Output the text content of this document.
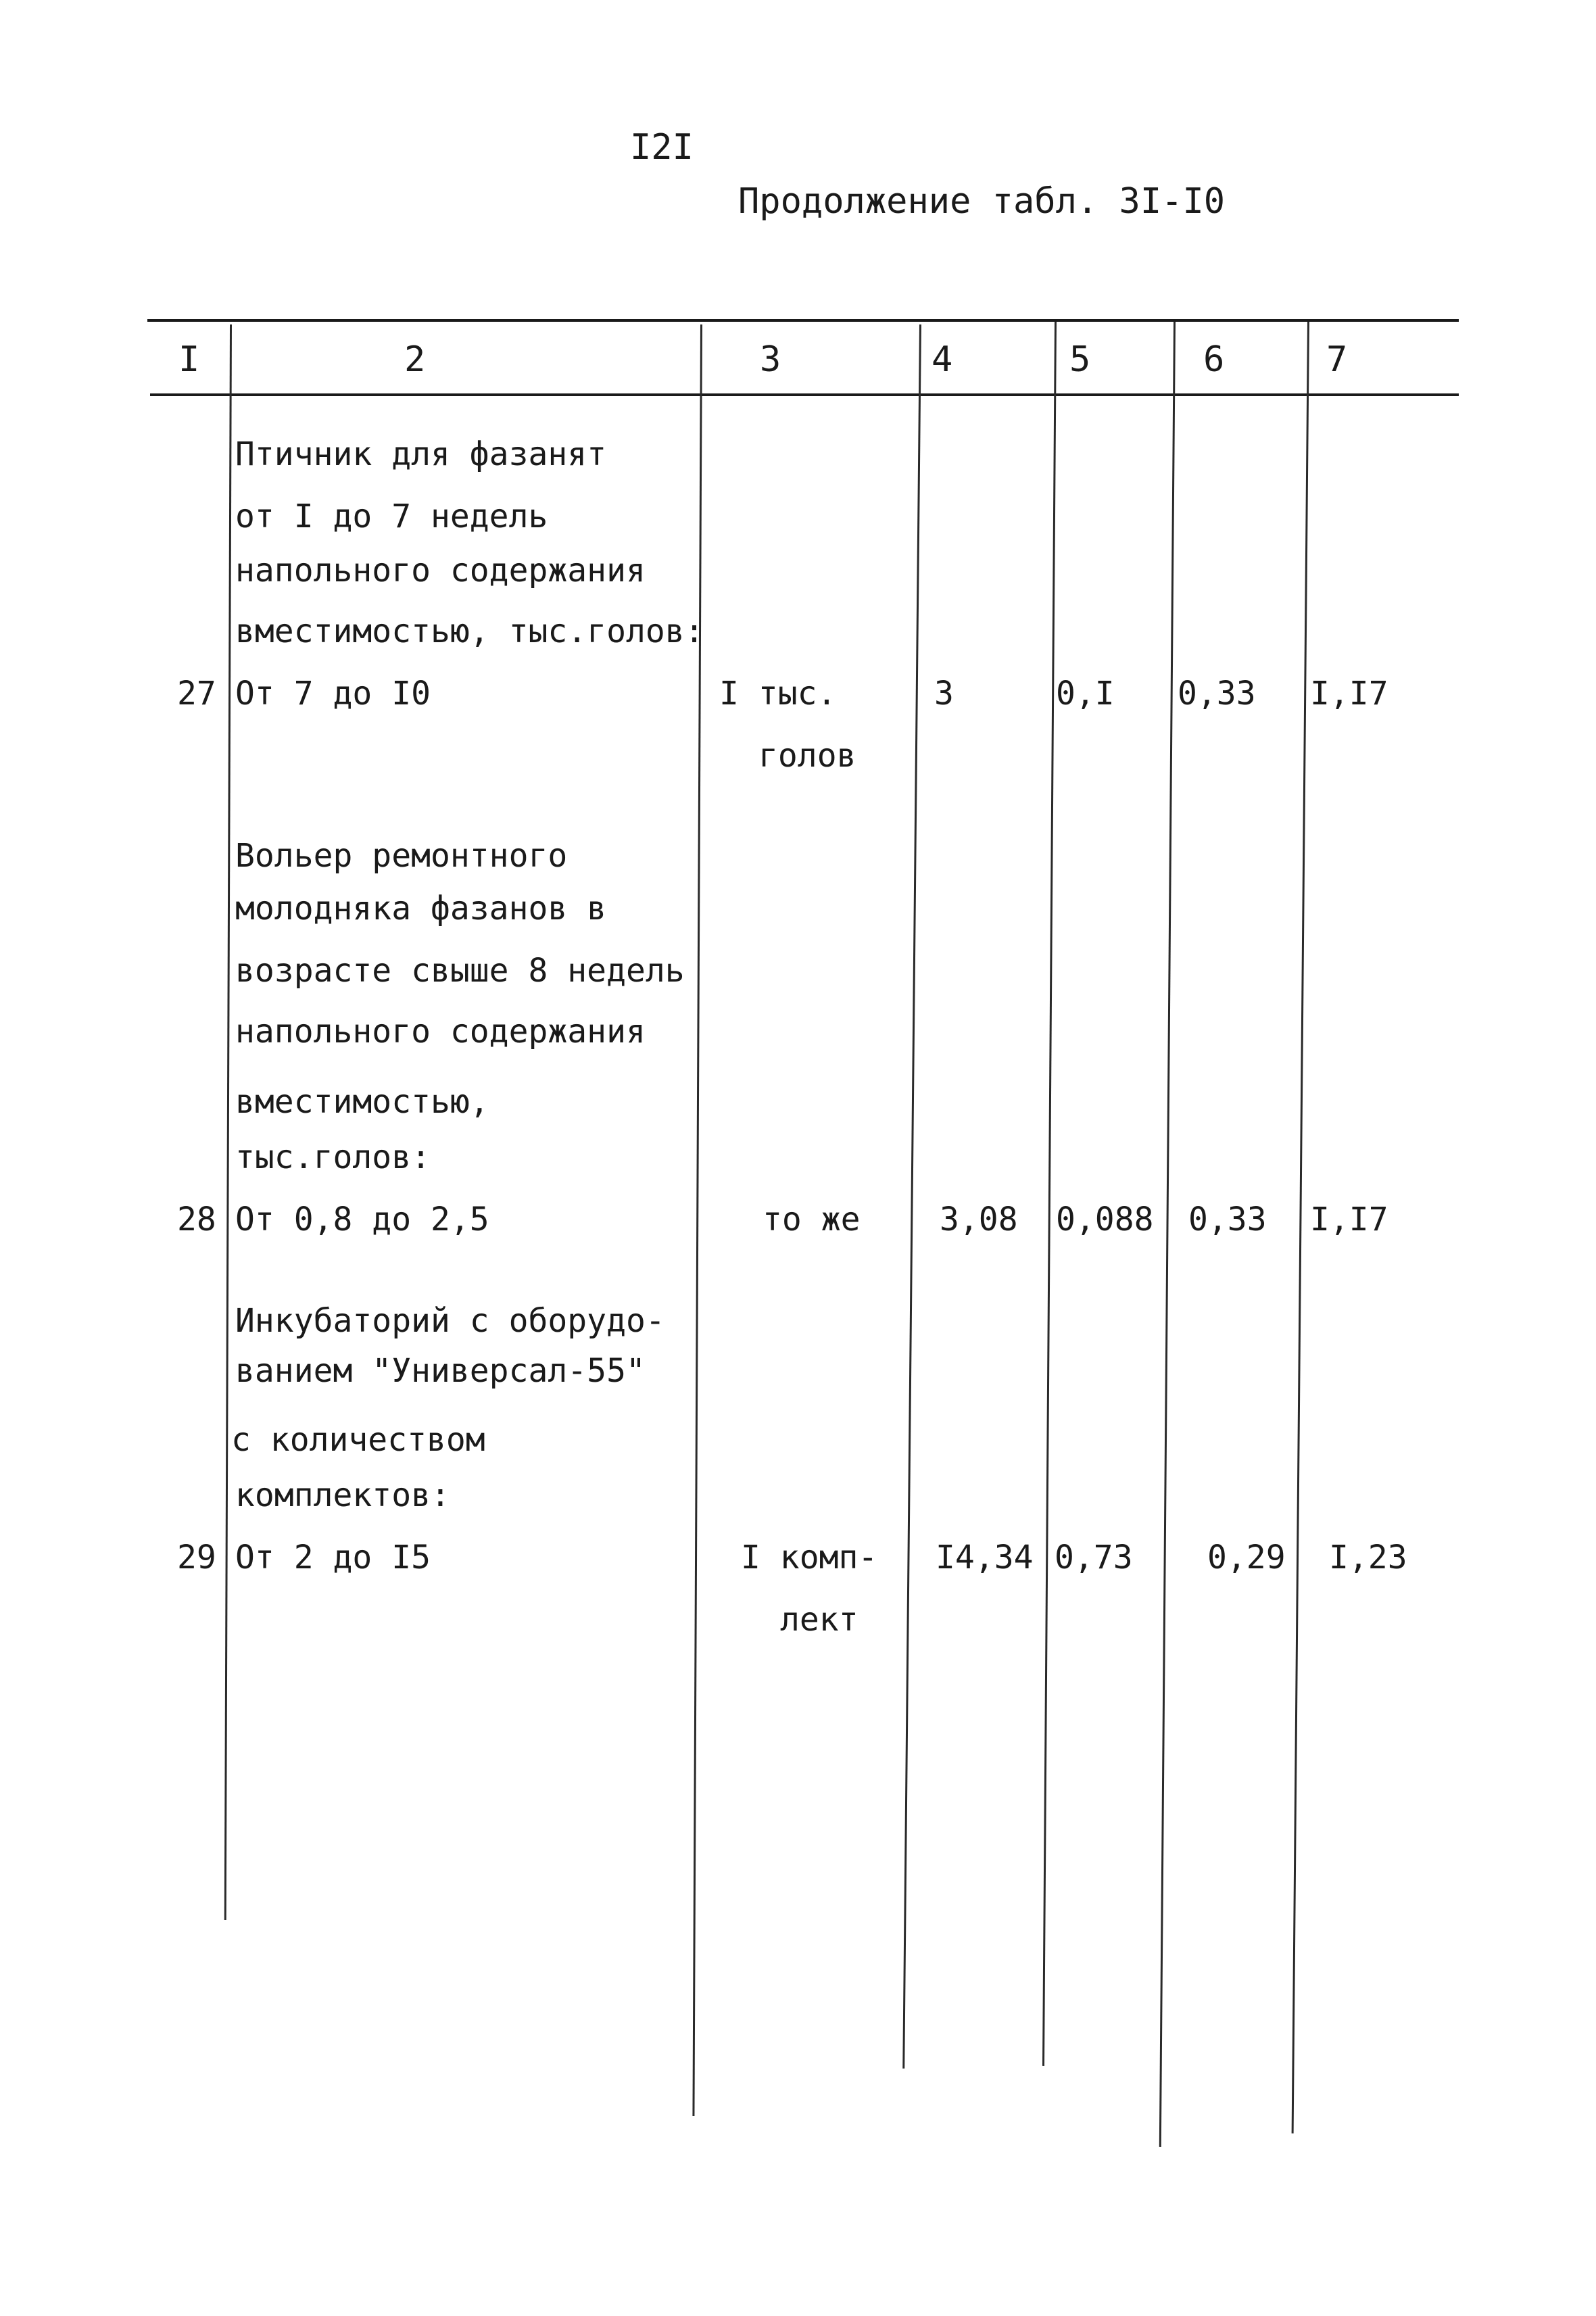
I2I
Продолжение табл. 3I-I0
I	2	3	4	5	6	7
Птичник для фазанят
от I до 7 недель
напольного содержания
вместимостью, тыс.голов:
27 От 7 до I0	I тыс.
голов
3	0,I 0,33 I,I7
Вольер ремонтного
молодняка фазанов в
возрасте свыше 8 недель
напольного содержания
вместимостью,
тыс.голов:
28 От 0,8 до 2,5	то же 3,08 0,088 0,33 I,I7
Инкубаторий с оборудо-
ванием "Универсал-55"
с количеством
комплектов:
29 От 2 до I5	I комп-
лект
I4,34 0,73 0,29 I,23
